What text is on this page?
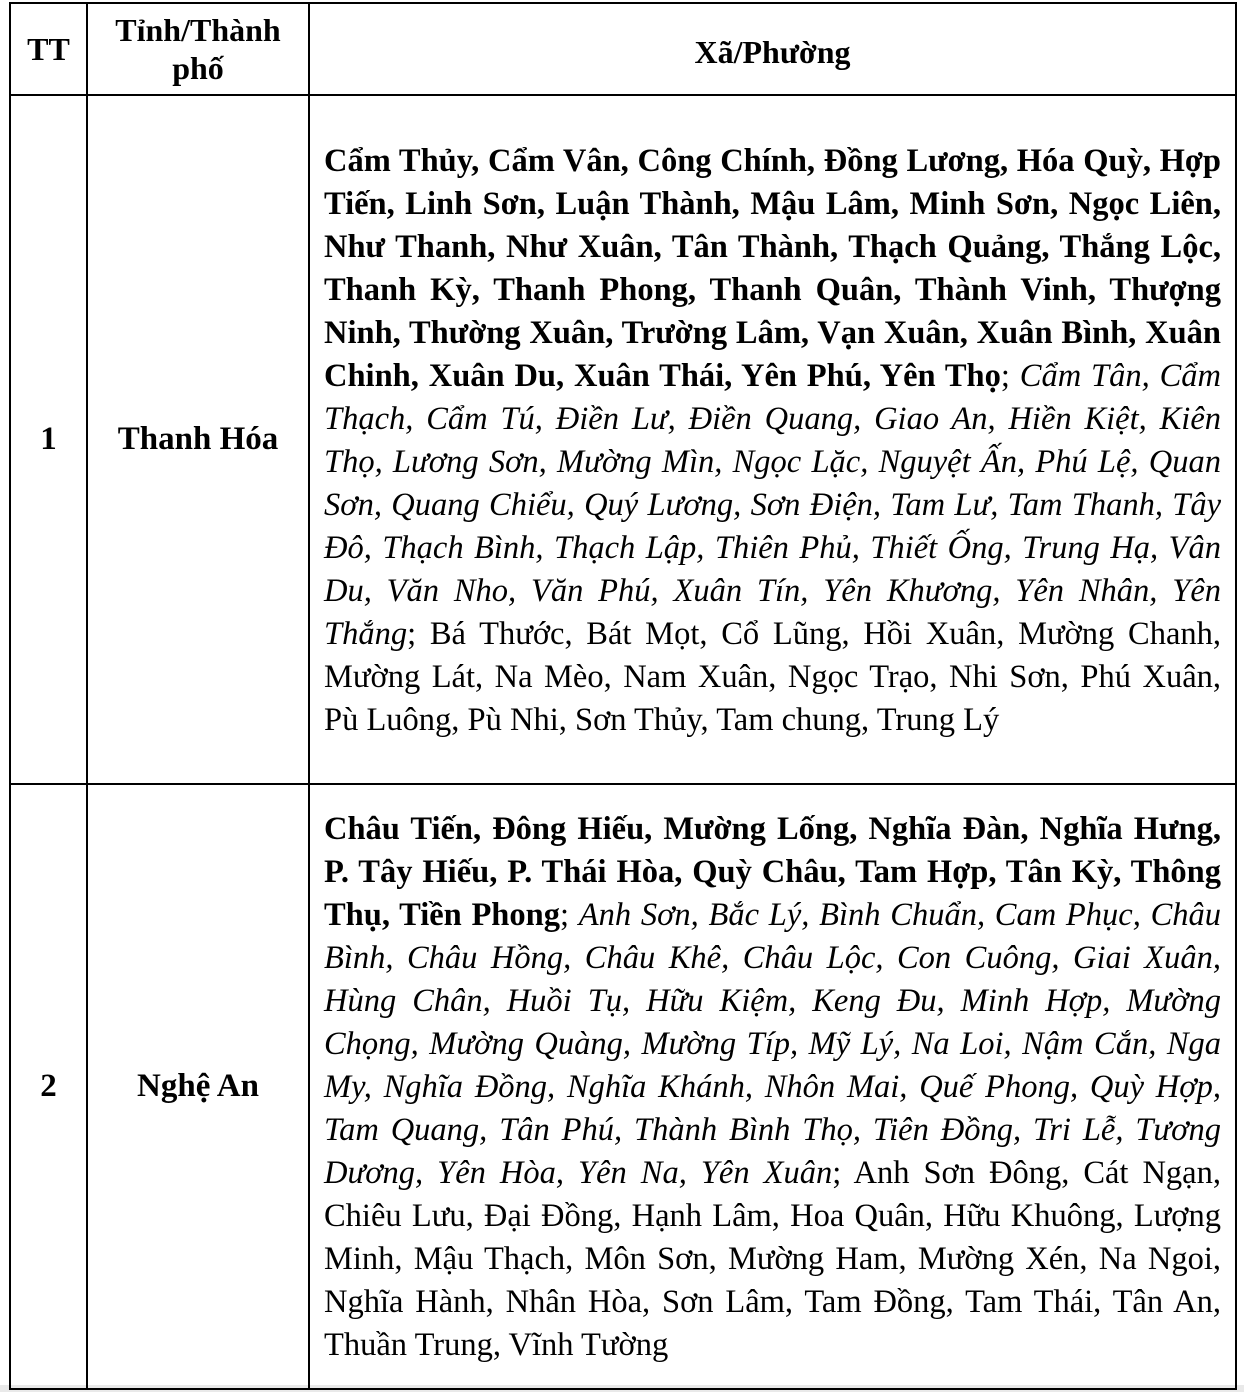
TT	Tỉnh/Thành phố	Xã/Phường
1	Thanh Hóa	Cẩm Thủy, Cẩm Vân, Công Chính, Đồng Lương, Hóa Quỳ, Hợp Tiến, Linh Sơn, Luận Thành, Mậu Lâm, Minh Sơn, Ngọc Liên, Như Thanh, Như Xuân, Tân Thành, Thạch Quảng, Thắng Lộc, Thanh Kỳ, Thanh Phong, Thanh Quân, Thành Vinh, Thượng Ninh, Thường Xuân, Trường Lâm, Vạn Xuân, Xuân Bình, Xuân Chinh, Xuân Du, Xuân Thái, Yên Phú, Yên Thọ; Cẩm Tân, Cẩm Thạch, Cẩm Tú, Điền Lư, Điền Quang, Giao An, Hiền Kiệt, Kiên Thọ, Lương Sơn, Mường Mìn, Ngọc Lặc, Nguyệt Ấn, Phú Lệ, Quan Sơn, Quang Chiểu, Quý Lương, Sơn Điện, Tam Lư, Tam Thanh, Tây Đô, Thạch Bình, Thạch Lập, Thiên Phủ, Thiết Ống, Trung Hạ, Vân Du, Văn Nho, Văn Phú, Xuân Tín, Yên Khương, Yên Nhân, Yên Thắng; Bá Thước, Bát Mọt, Cổ Lũng, Hồi Xuân, Mường Chanh, Mường Lát, Na Mèo, Nam Xuân, Ngọc Trạo, Nhi Sơn, Phú Xuân, Pù Luông, Pù Nhi, Sơn Thủy, Tam chung, Trung Lý
2	Nghệ An	Châu Tiến, Đông Hiếu, Mường Lống, Nghĩa Đàn, Nghĩa Hưng, P. Tây Hiếu, P. Thái Hòa, Quỳ Châu, Tam Hợp, Tân Kỳ, Thông Thụ, Tiền Phong; Anh Sơn, Bắc Lý, Bình Chuẩn, Cam Phục, Châu Bình, Châu Hồng, Châu Khê, Châu Lộc, Con Cuông, Giai Xuân, Hùng Chân, Huồi Tụ, Hữu Kiệm, Keng Đu, Minh Hợp, Mường Chọng, Mường Quàng, Mường Típ, Mỹ Lý, Na Loi, Nậm Cắn, Nga My, Nghĩa Đồng, Nghĩa Khánh, Nhôn Mai, Quế Phong, Quỳ Hợp, Tam Quang, Tân Phú, Thành Bình Thọ, Tiên Đồng, Tri Lễ, Tương Dương, Yên Hòa, Yên Na, Yên Xuân; Anh Sơn Đông, Cát Ngạn, Chiêu Lưu, Đại Đồng, Hạnh Lâm, Hoa Quân, Hữu Khuông, Lượng Minh, Mậu Thạch, Môn Sơn, Mường Ham, Mường Xén, Na Ngoi, Nghĩa Hành, Nhân Hòa, Sơn Lâm, Tam Đồng, Tam Thái, Tân An, Thuần Trung, Vĩnh Tường
